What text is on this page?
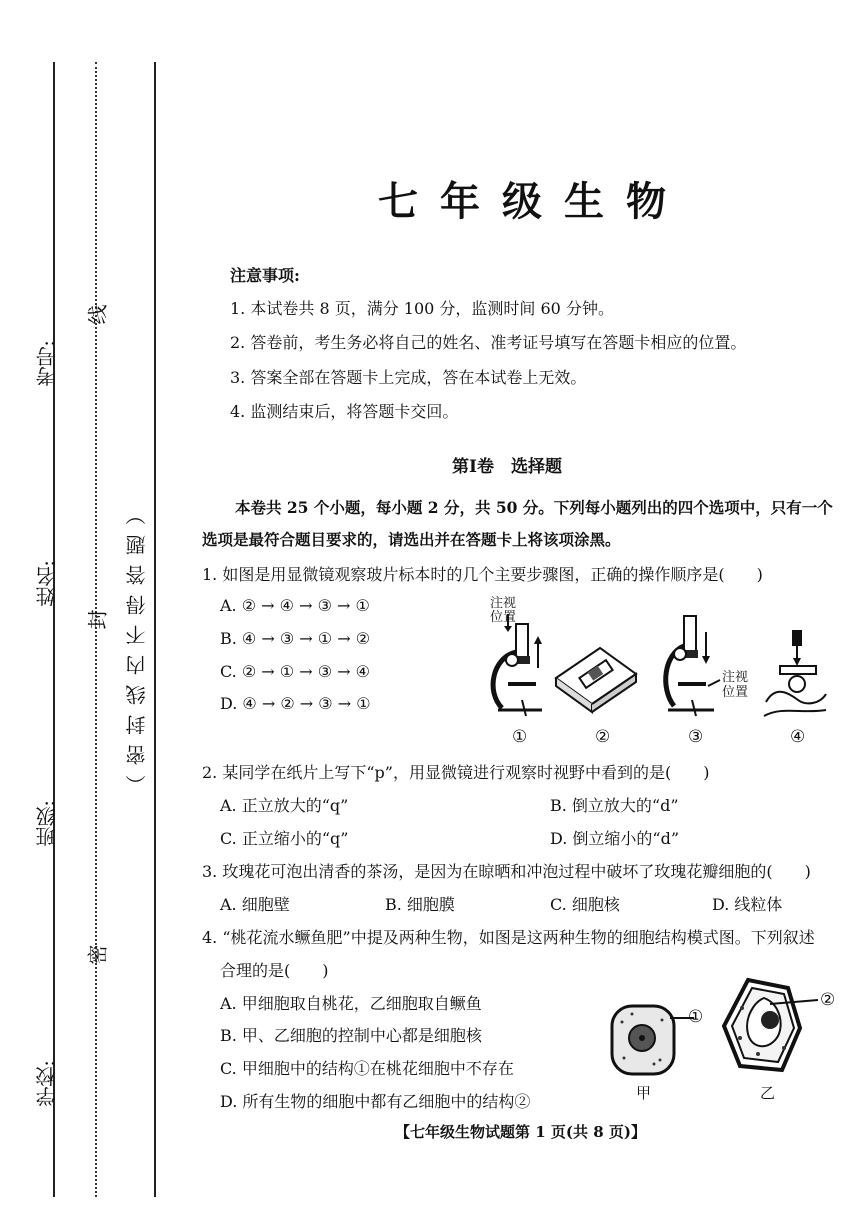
考号:
姓名:
班级:
学校:
线
封
密
（密封线内不得答题）
七年级生物
注意事项:
1. 本试卷共 8 页，满分 100 分，监测时间 60 分钟。
2. 答卷前，考生务必将自己的姓名、准考证号填写在答题卡相应的位置。
3. 答案全部在答题卡上完成，答在本试卷上无效。
4. 监测结束后，将答题卡交回。
第Ⅰ卷　选择题
本卷共 25 个小题，每小题 2 分，共 50 分。下列每小题列出的四个选项中，只有一个
选项是最符合题目要求的，请选出并在答题卡上将该项涂黑。
1. 如图是用显微镜观察玻片标本时的几个主要步骤图，正确的操作顺序是(　　)
A. ② → ④ → ③ → ①
B. ④ → ③ → ① → ②
C. ② → ① → ③ → ④
D. ④ → ② → ③ → ①
注视
位置
注视
位置
①	②	③	④
2. 某同学在纸片上写下“p”，用显微镜进行观察时视野中看到的是(　　)
A. 正立放大的“q”	B. 倒立放大的“d”
C. 正立缩小的“q”	D. 倒立缩小的“d”
3. 玫瑰花可泡出清香的茶汤，是因为在晾晒和冲泡过程中破坏了玫瑰花瓣细胞的(　　)
A. 细胞壁	B. 细胞膜	C. 细胞核	D. 线粒体
4. “桃花流水鳜鱼肥”中提及两种生物，如图是这两种生物的细胞结构模式图。下列叙述
合理的是(　　)
A. 甲细胞取自桃花，乙细胞取自鳜鱼
B. 甲、乙细胞的控制中心都是细胞核
C. 甲细胞中的结构①在桃花细胞中不存在
D. 所有生物的细胞中都有乙细胞中的结构②
①
②
甲	乙
【七年级生物试题第 1 页(共 8 页)】
